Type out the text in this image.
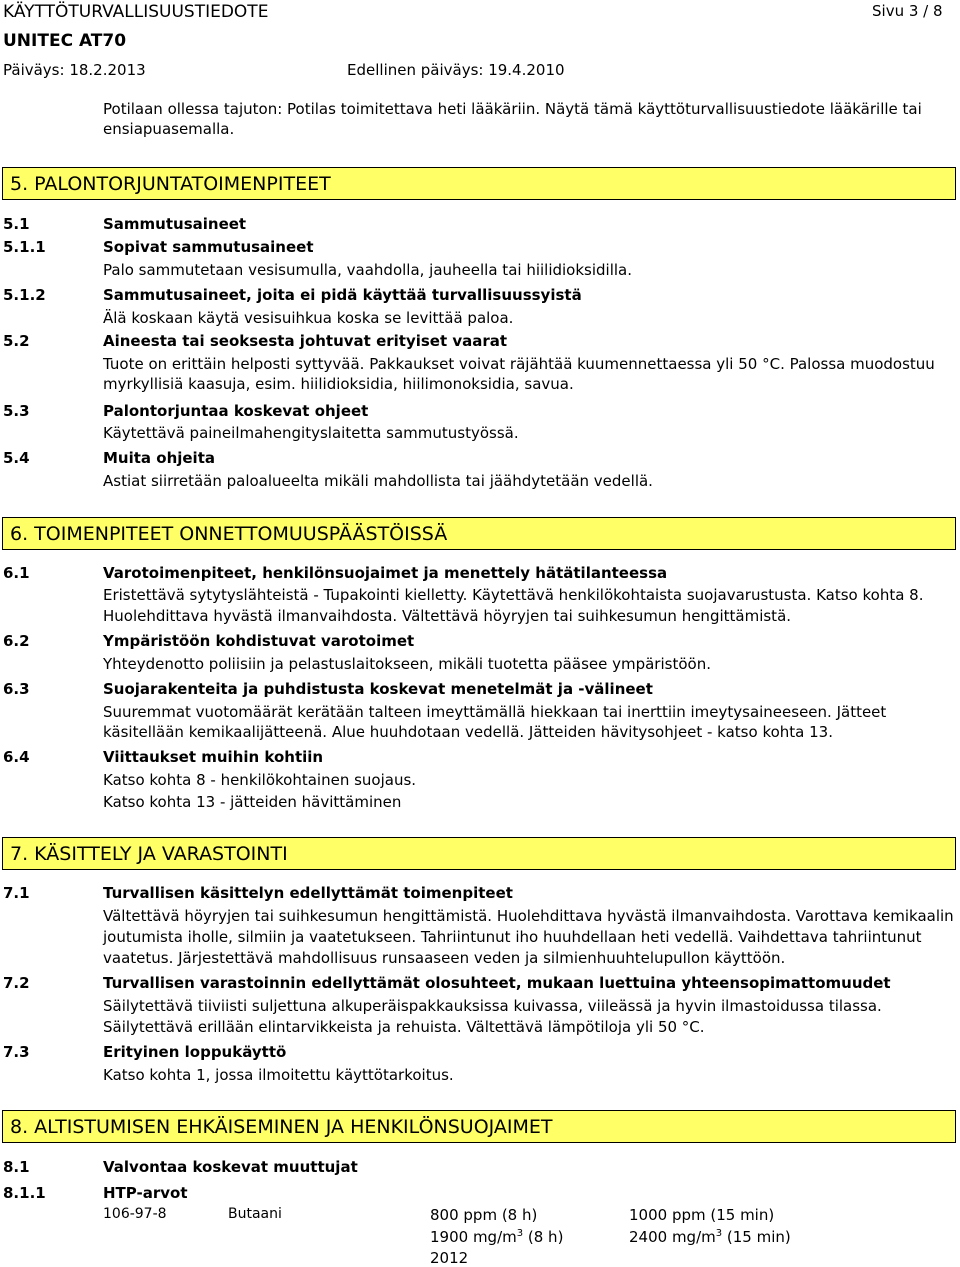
KÄYTTÖTURVALLISUUSTIEDOTE
UNITEC AT70
Päiväys: 18.2.2013	Edellinen päiväys: 19.4.2010
Sivu 3 / 8
Potilaan ollessa tajuton: Potilas toimitettava heti lääkäriin. Näytä tämä käyttöturvallisuustiedote lääkärille tai
ensiapuasemalla.
5. PALONTORJUNTATOIMENPITEET
5.1	Sammutusaineet
5.1.1	Sopivat sammutusaineet
Palo sammutetaan vesisumulla, vaahdolla, jauheella tai hiilidioksidilla.
5.1.2	Sammutusaineet, joita ei pidä käyttää turvallisuussyistä
Älä koskaan käytä vesisuihkua koska se levittää paloa.
5.2	Aineesta tai seoksesta johtuvat erityiset vaarat
Tuote on erittäin helposti syttyvää. Pakkaukset voivat räjähtää kuumennettaessa yli 50 °C. Palossa muodostuu
myrkyllisiä kaasuja, esim. hiilidioksidia, hiilimonoksidia, savua.
5.3	Palontorjuntaa koskevat ohjeet
Käytettävä paineilmahengityslaitetta sammutustyössä.
5.4	Muita ohjeita
Astiat siirretään paloalueelta mikäli mahdollista tai jäähdytetään vedellä.
6. TOIMENPITEET ONNETTOMUUSPÄÄSTÖISSÄ
6.1	Varotoimenpiteet, henkilönsuojaimet ja menettely hätätilanteessa
Eristettävä sytytyslähteistä - Tupakointi kielletty. Käytettävä henkilökohtaista suojavarustusta. Katso kohta 8.
Huolehdittava hyvästä ilmanvaihdosta. Vältettävä höyryjen tai suihkesumun hengittämistä.
6.2	Ympäristöön kohdistuvat varotoimet
Yhteydenotto poliisiin ja pelastuslaitokseen, mikäli tuotetta pääsee ympäristöön.
6.3	Suojarakenteita ja puhdistusta koskevat menetelmät ja -välineet
Suuremmat vuotomäärät kerätään talteen imeyttämällä hiekkaan tai inerttiin imeytysaineeseen. Jätteet
käsitellään kemikaalijätteenä. Alue huuhdotaan vedellä. Jätteiden hävitysohjeet - katso kohta 13.
6.4	Viittaukset muihin kohtiin
Katso kohta 8 - henkilökohtainen suojaus.
Katso kohta 13 - jätteiden hävittäminen
7. KÄSITTELY JA VARASTOINTI
7.1	Turvallisen käsittelyn edellyttämät toimenpiteet
Vältettävä höyryjen tai suihkesumun hengittämistä. Huolehdittava hyvästä ilmanvaihdosta. Varottava kemikaalin
joutumista iholle, silmiin ja vaatetukseen. Tahriintunut iho huuhdellaan heti vedellä. Vaihdettava tahriintunut
vaatetus. Järjestettävä mahdollisuus runsaaseen veden ja silmienhuuhtelupullon käyttöön.
7.2	Turvallisen varastoinnin edellyttämät olosuhteet, mukaan luettuina yhteensopimattomuudet
Säilytettävä tiiviisti suljettuna alkuperäispakkauksissa kuivassa, viileässä ja hyvin ilmastoidussa tilassa.
Säilytettävä erillään elintarvikkeista ja rehuista. Vältettävä lämpötiloja yli 50 °C.
7.3	Erityinen loppukäyttö
Katso kohta 1, jossa ilmoitettu käyttötarkoitus.
8. ALTISTUMISEN EHKÄISEMINEN JA HENKILÖNSUOJAIMET
8.1	Valvontaa koskevat muuttujat
8.1.1	HTP-arvot
106-97-8	Butaani	800 ppm (8 h)	1000 ppm (15 min)
1900 $mg/m^3$ (8 h)	2400 $mg/m^3$ (15 min)
2012
